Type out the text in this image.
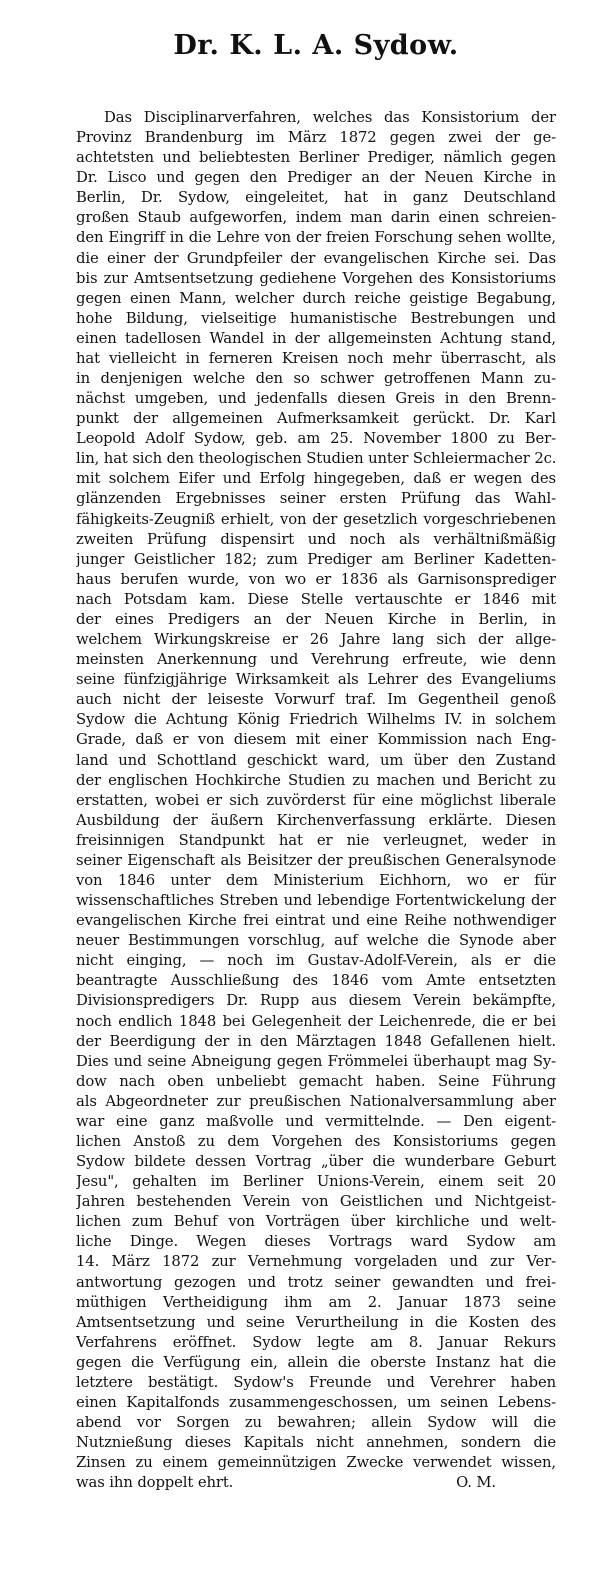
Dr. K. L. A. Sydow.
Das Disciplinarverfahren, welches das Konsistorium der
Provinz Brandenburg im März 1872 gegen zwei der ge-
achtetsten und beliebtesten Berliner Prediger, nämlich gegen
Dr. Lisco und gegen den Prediger an der Neuen Kirche in
Berlin, Dr. Sydow, eingeleitet, hat in ganz Deutschland
großen Staub aufgeworfen, indem man darin einen schreien-
den Eingriff in die Lehre von der freien Forschung sehen wollte,
die einer der Grundpfeiler der evangelischen Kirche sei. Das
bis zur Amtsentsetzung gediehene Vorgehen des Konsistoriums
gegen einen Mann, welcher durch reiche geistige Begabung,
hohe Bildung, vielseitige humanistische Bestrebungen und
einen tadellosen Wandel in der allgemeinsten Achtung stand,
hat vielleicht in ferneren Kreisen noch mehr überrascht, als
in denjenigen welche den so schwer getroffenen Mann zu-
nächst umgeben, und jedenfalls diesen Greis in den Brenn-
punkt der allgemeinen Aufmerksamkeit gerückt. Dr. Karl
Leopold Adolf Sydow, geb. am 25. November 1800 zu Ber-
lin, hat sich den theologischen Studien unter Schleiermacher 2c.
mit solchem Eifer und Erfolg hingegeben, daß er wegen des
glänzenden Ergebnisses seiner ersten Prüfung das Wahl-
fähigkeits-Zeugniß erhielt, von der gesetzlich vorgeschriebenen
zweiten Prüfung dispensirt und noch als verhältnißmäßig
junger Geistlicher 182; zum Prediger am Berliner Kadetten-
haus berufen wurde, von wo er 1836 als Garnisonsprediger
nach Potsdam kam. Diese Stelle vertauschte er 1846 mit
der eines Predigers an der Neuen Kirche in Berlin, in
welchem Wirkungskreise er 26 Jahre lang sich der allge-
meinsten Anerkennung und Verehrung erfreute, wie denn
seine fünfzigjährige Wirksamkeit als Lehrer des Evangeliums
auch nicht der leiseste Vorwurf traf. Im Gegentheil genoß
Sydow die Achtung König Friedrich Wilhelms IV. in solchem
Grade, daß er von diesem mit einer Kommission nach Eng-
land und Schottland geschickt ward, um über den Zustand
der englischen Hochkirche Studien zu machen und Bericht zu
erstatten, wobei er sich zuvörderst für eine möglichst liberale
Ausbildung der äußern Kirchenverfassung erklärte. Diesen
freisinnigen Standpunkt hat er nie verleugnet, weder in
seiner Eigenschaft als Beisitzer der preußischen Generalsynode
von 1846 unter dem Ministerium Eichhorn, wo er für
wissenschaftliches Streben und lebendige Fortentwickelung der
evangelischen Kirche frei eintrat und eine Reihe nothwendiger
neuer Bestimmungen vorschlug, auf welche die Synode aber
nicht einging, — noch im Gustav-Adolf-Verein, als er die
beantragte Ausschließung des 1846 vom Amte entsetzten
Divisionspredigers Dr. Rupp aus diesem Verein bekämpfte,
noch endlich 1848 bei Gelegenheit der Leichenrede, die er bei
der Beerdigung der in den Märztagen 1848 Gefallenen hielt.
Dies und seine Abneigung gegen Frömmelei überhaupt mag Sy-
dow nach oben unbeliebt gemacht haben. Seine Führung
als Abgeordneter zur preußischen Nationalversammlung aber
war eine ganz maßvolle und vermittelnde. — Den eigent-
lichen Anstoß zu dem Vorgehen des Konsistoriums gegen
Sydow bildete dessen Vortrag „über die wunderbare Geburt
Jesu", gehalten im Berliner Unions-Verein, einem seit 20
Jahren bestehenden Verein von Geistlichen und Nichtgeist-
lichen zum Behuf von Vorträgen über kirchliche und welt-
liche Dinge. Wegen dieses Vortrags ward Sydow am
14. März 1872 zur Vernehmung vorgeladen und zur Ver-
antwortung gezogen und trotz seiner gewandten und frei-
müthigen Vertheidigung ihm am 2. Januar 1873 seine
Amtsentsetzung und seine Verurtheilung in die Kosten des
Verfahrens eröffnet. Sydow legte am 8. Januar Rekurs
gegen die Verfügung ein, allein die oberste Instanz hat die
letztere bestätigt. Sydow's Freunde und Verehrer haben
einen Kapitalfonds zusammengeschossen, um seinen Lebens-
abend vor Sorgen zu bewahren; allein Sydow will die
Nutznießung dieses Kapitals nicht annehmen, sondern die
Zinsen zu einem gemeinnützigen Zwecke verwendet wissen,
was ihn doppelt ehrt.	O. M.
